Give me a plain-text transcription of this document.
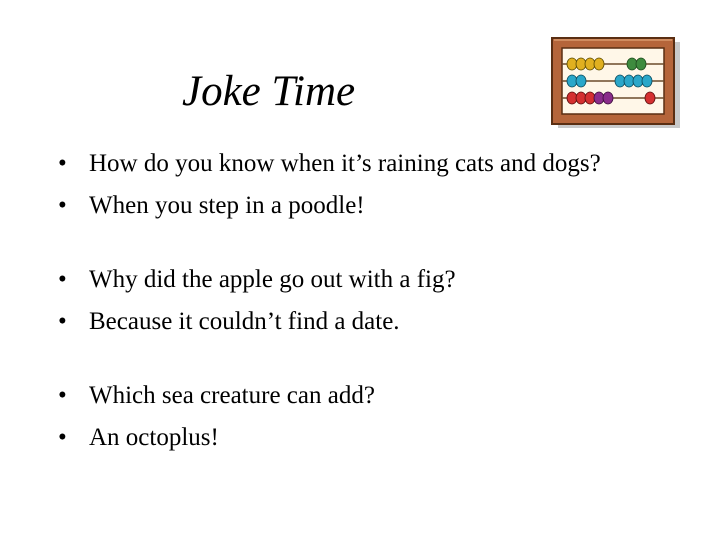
Joke Time
• How do you know when it’s raining cats and dogs?
• When you step in a poodle!
• Why did the apple go out with a fig?
• Because it couldn’t find a date.
• Which sea creature can add?
• An octoplus!
